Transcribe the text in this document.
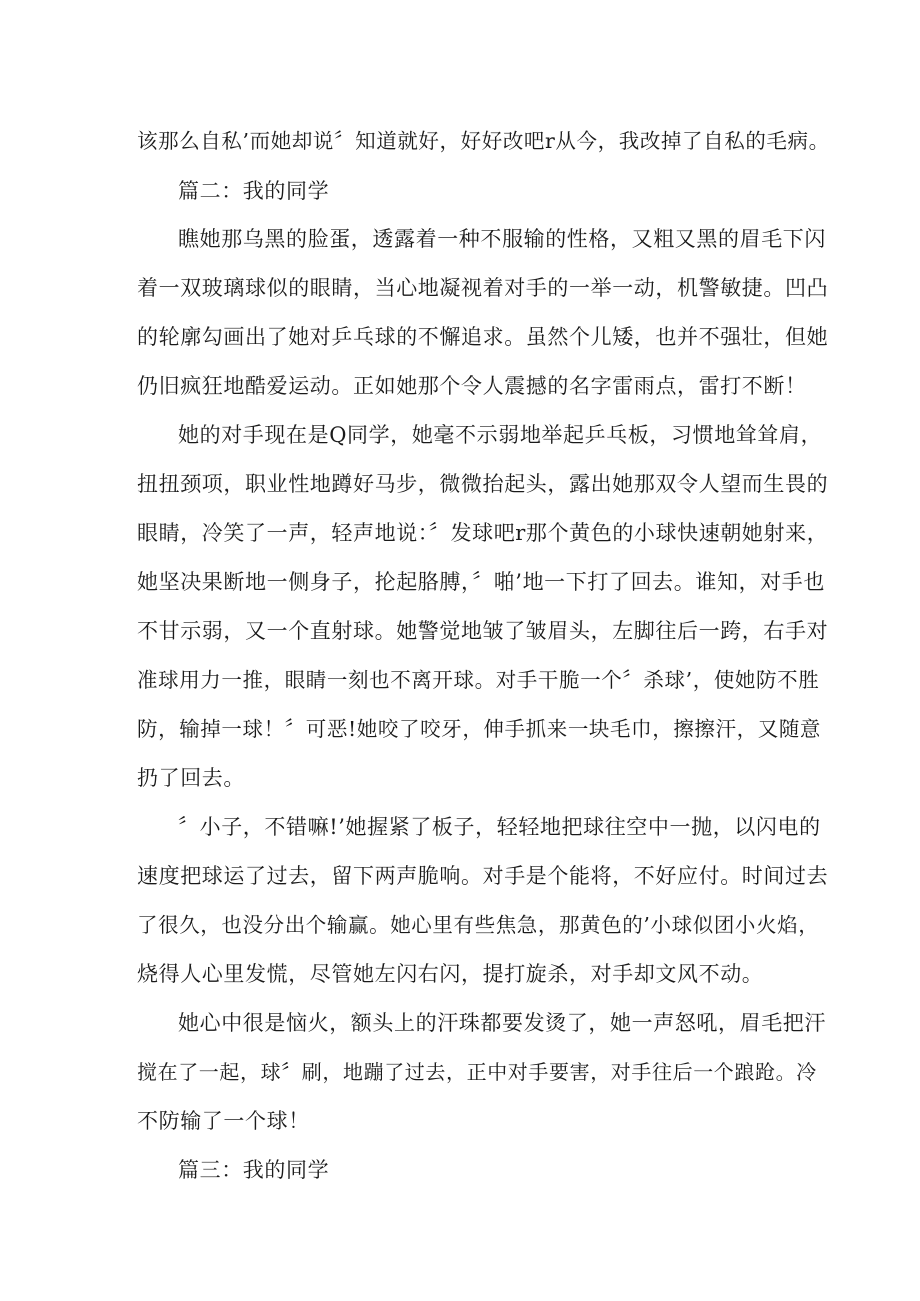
该那么自私’而她却说〞知道就好，好好改吧r从今，我改掉了自私的毛病。
篇二：我的同学
瞧她那乌黑的脸蛋，透露着一种不服输的性格，又粗又黑的眉毛下闪
着一双玻璃球似的眼睛，当心地凝视着对手的一举一动，机警敏捷。凹凸
的轮廓勾画出了她对乒乓球的不懈追求。虽然个儿矮，也并不强壮，但她
仍旧疯狂地酷爱运动。正如她那个令人震撼的名字雷雨点，雷打不断！
她的对手现在是Q同学，她毫不示弱地举起乒乓板，习惯地耸耸肩，
扭扭颈项，职业性地蹲好马步，微微抬起头，露出她那双令人望而生畏的
眼睛，冷笑了一声，轻声地说：〞发球吧r那个黄色的小球快速朝她射来，
她坚决果断地一侧身子，抡起胳膊，〞啪’地一下打了回去。谁知，对手也
不甘示弱，又一个直射球。她警觉地皱了皱眉头，左脚往后一跨，右手对
准球用力一推，眼睛一刻也不离开球。对手干脆一个〞杀球’，使她防不胜
防，输掉一球！〞可恶!她咬了咬牙，伸手抓来一块毛巾，擦擦汗，又随意
扔了回去。
〞小子，不错嘛!’她握紧了板子，轻轻地把球往空中一抛，以闪电的
速度把球运了过去，留下两声脆响。对手是个能将，不好应付。时间过去
了很久，也没分出个输赢。她心里有些焦急，那黄色的’小球似团小火焰，
烧得人心里发慌，尽管她左闪右闪，提打旋杀，对手却文风不动。
她心中很是恼火，额头上的汗珠都要发烫了，她一声怒吼，眉毛把汗
搅在了一起，球〞刷，地蹦了过去，正中对手要害，对手往后一个踉跄。冷
不防输了一个球！
篇三：我的同学
